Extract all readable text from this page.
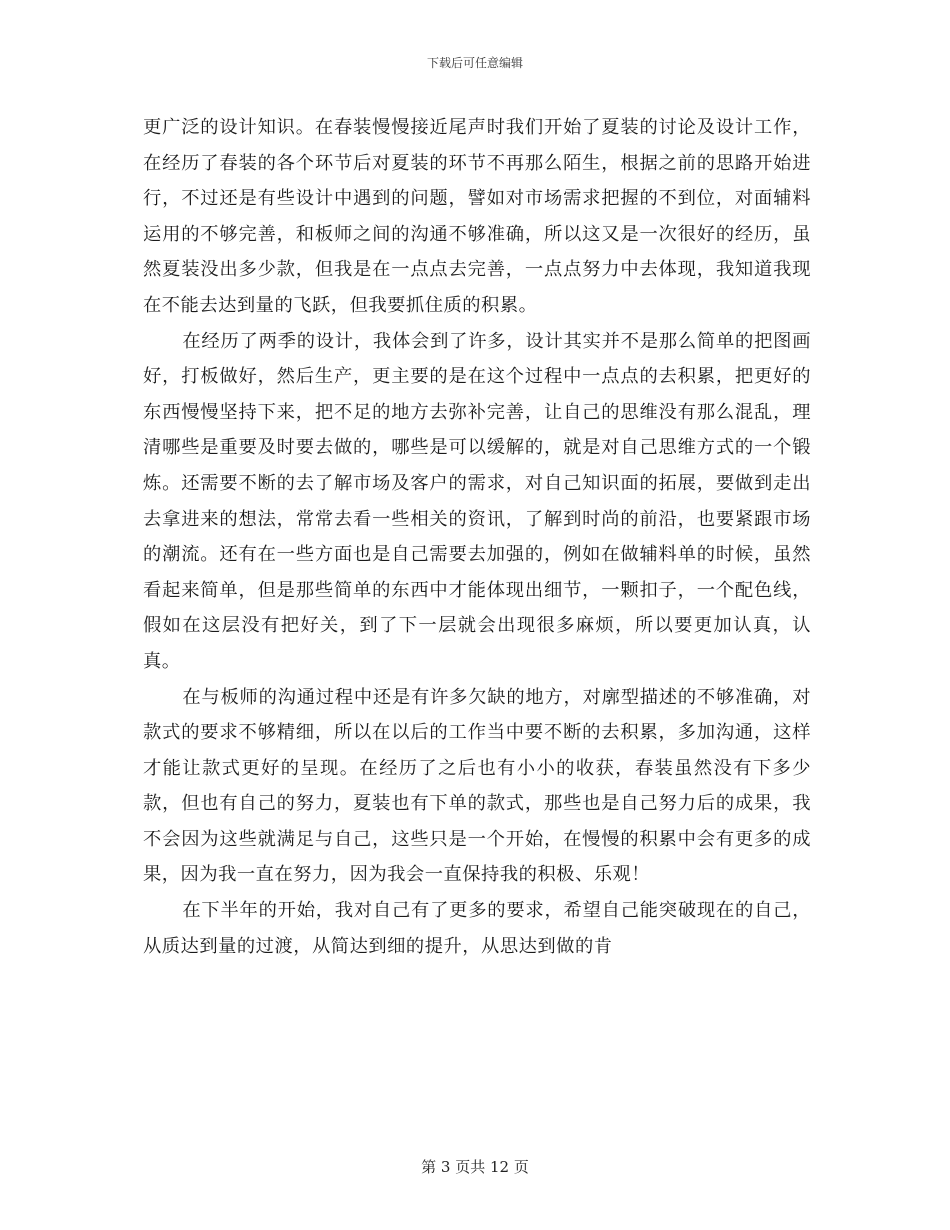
下载后可任意编辑

更广泛的设计知识。在春装慢慢接近尾声时我们开始了夏装的讨论及设计工作，在经历了春装的各个环节后对夏装的环节不再那么陌生，根据之前的思路开始进行，不过还是有些设计中遇到的问题，譬如对市场需求把握的不到位，对面辅料运用的不够完善，和板师之间的沟通不够准确，所以这又是一次很好的经历，虽然夏装没出多少款，但我是在一点点去完善，一点点努力中去体现，我知道我现在不能去达到量的飞跃，但我要抓住质的积累。

在经历了两季的设计，我体会到了许多，设计其实并不是那么简单的把图画好，打板做好，然后生产，更主要的是在这个过程中一点点的去积累，把更好的东西慢慢坚持下来，把不足的地方去弥补完善，让自己的思维没有那么混乱，理清哪些是重要及时要去做的，哪些是可以缓解的，就是对自己思维方式的一个锻炼。还需要不断的去了解市场及客户的需求，对自己知识面的拓展，要做到走出去拿进来的想法，常常去看一些相关的资讯，了解到时尚的前沿，也要紧跟市场的潮流。还有在一些方面也是自己需要去加强的，例如在做辅料单的时候，虽然看起来简单，但是那些简单的东西中才能体现出细节，一颗扣子，一个配色线，假如在这层没有把好关，到了下一层就会出现很多麻烦，所以要更加认真，认真。

在与板师的沟通过程中还是有许多欠缺的地方，对廓型描述的不够准确，对款式的要求不够精细，所以在以后的工作当中要不断的去积累，多加沟通，这样才能让款式更好的呈现。在经历了之后也有小小的收获，春装虽然没有下多少款，但也有自己的努力，夏装也有下单的款式，那些也是自己努力后的成果，我不会因为这些就满足与自己，这些只是一个开始，在慢慢的积累中会有更多的成果，因为我一直在努力，因为我会一直保持我的积极、乐观！

在下半年的开始，我对自己有了更多的要求，希望自己能突破现在的自己，从质达到量的过渡，从简达到细的提升，从思达到做的肯

第 3 页共 12 页
